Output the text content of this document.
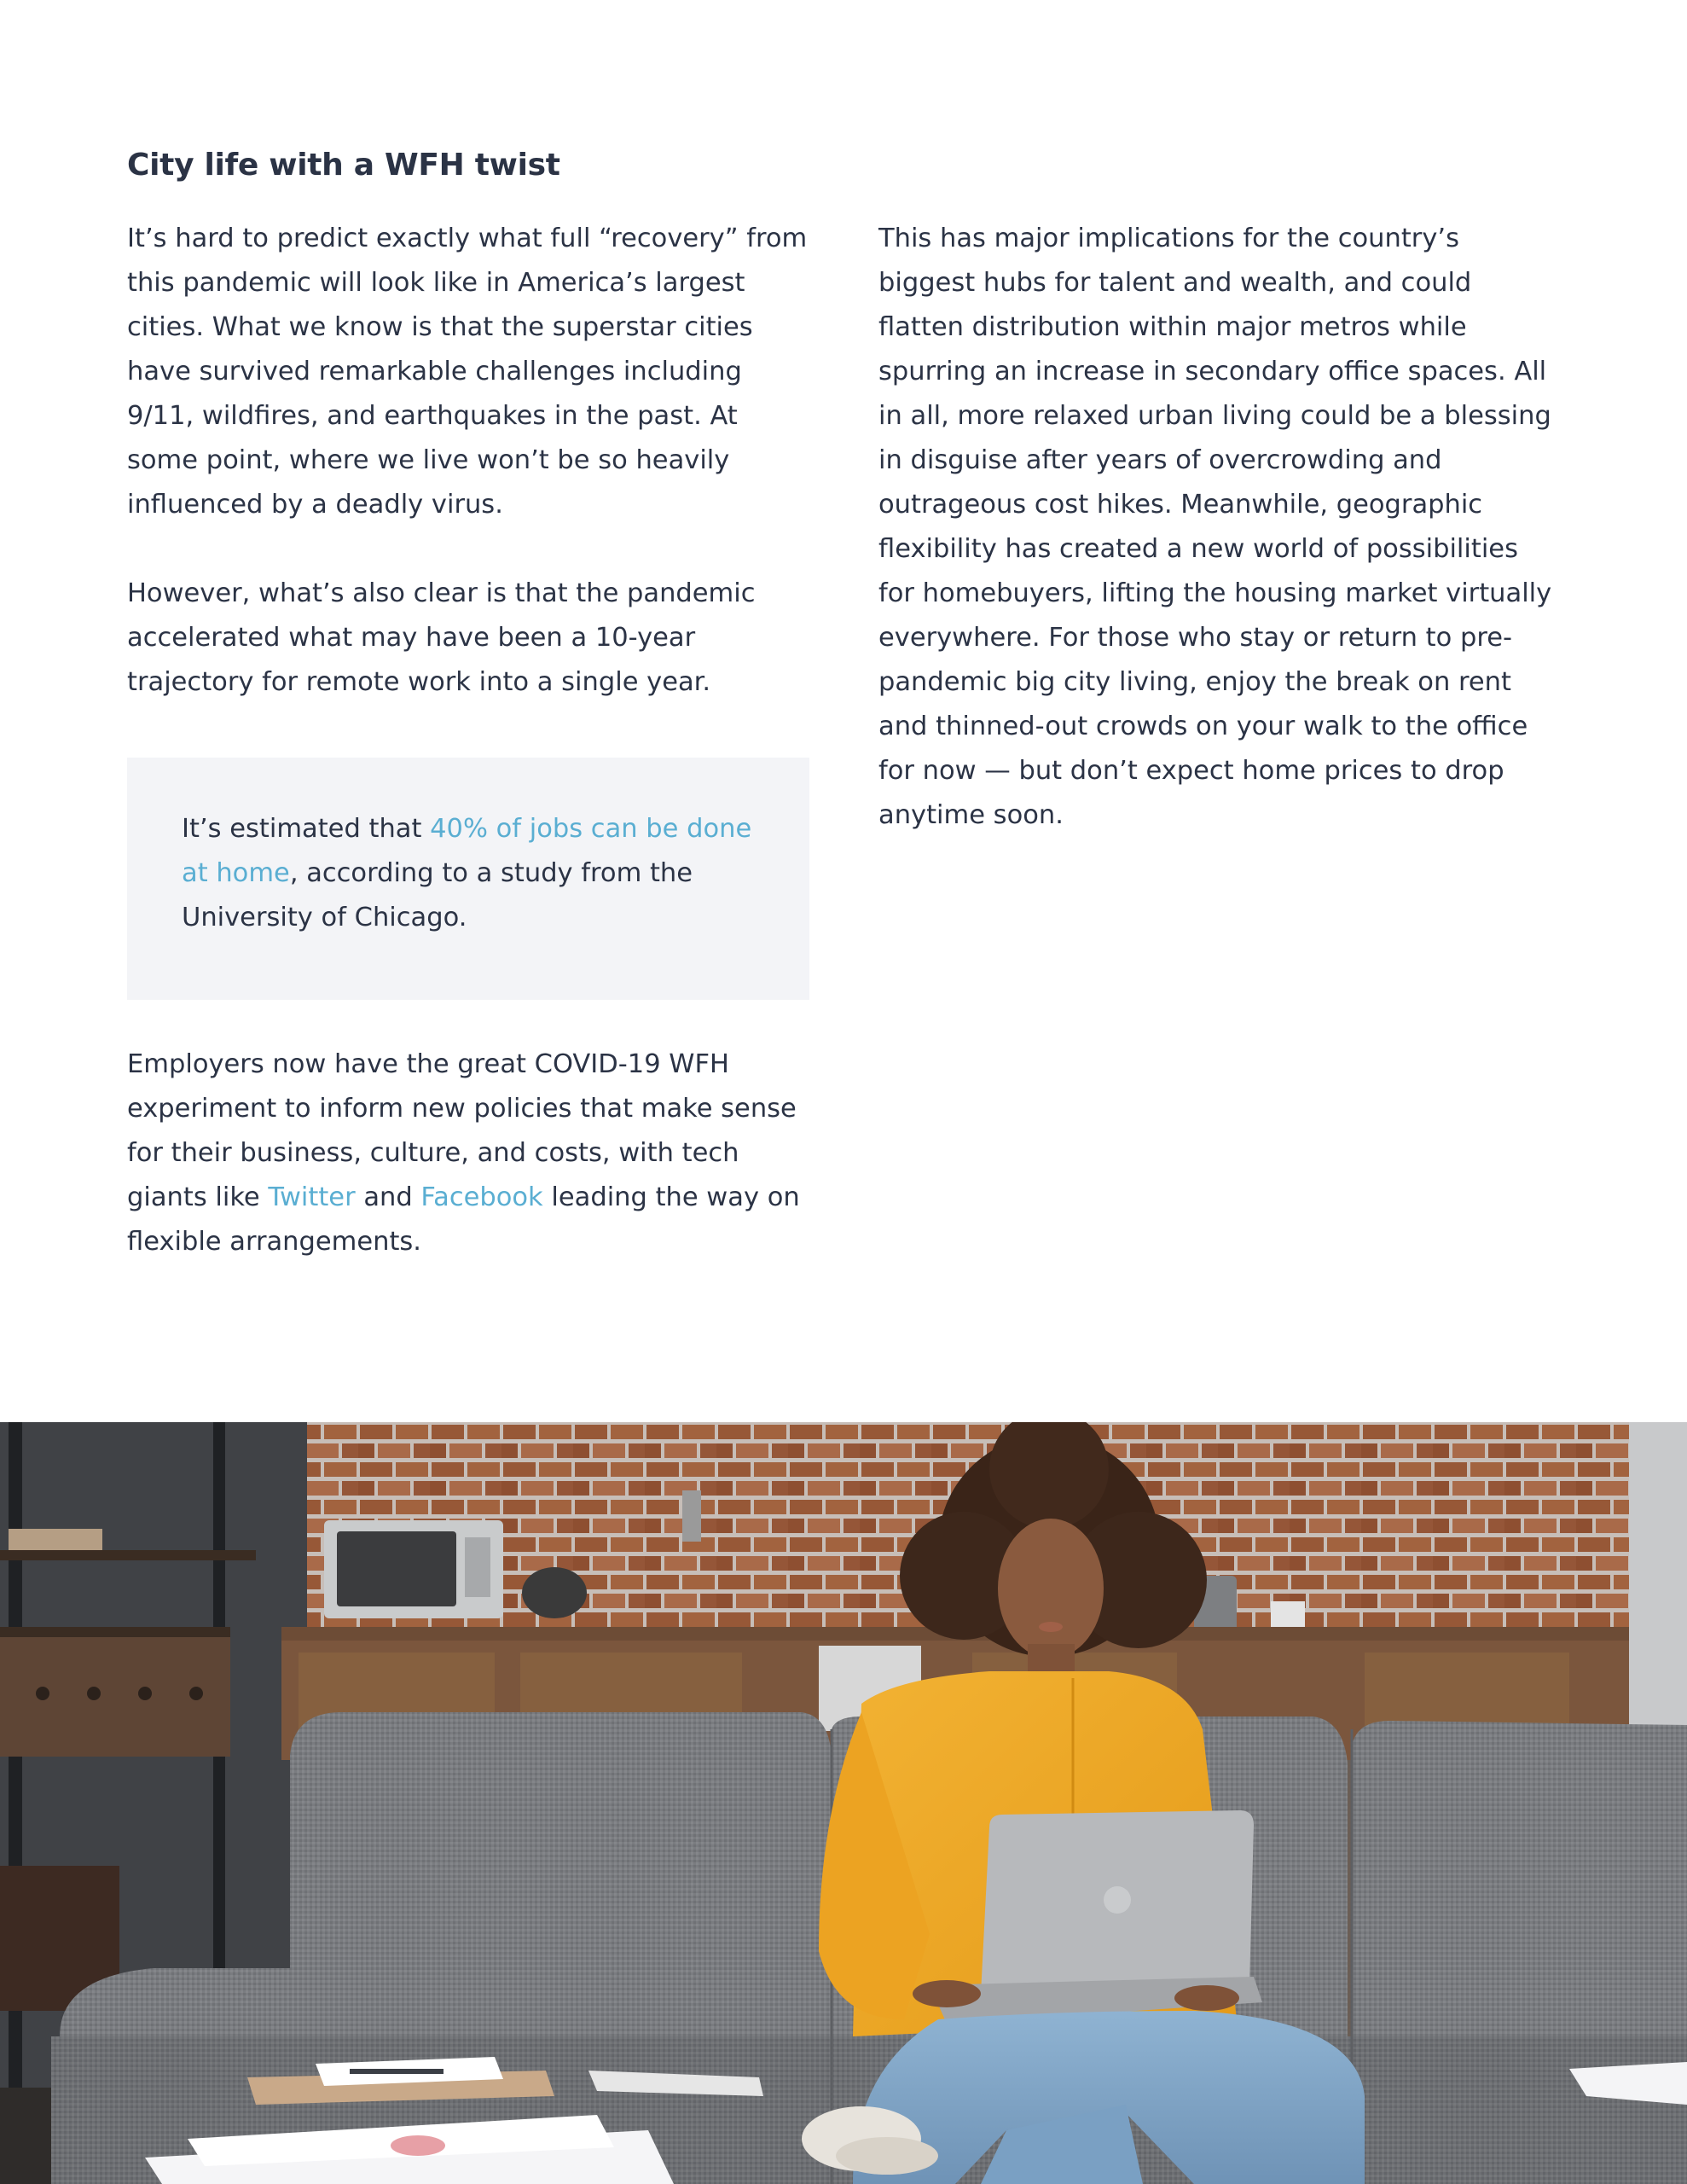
City life with a WFH twist

It’s hard to predict exactly what full “recovery” from this pandemic will look like in America’s largest cities. What we know is that the superstar cities have survived remarkable challenges including 9/11, wildfires, and earthquakes in the past. At some point, where we live won’t be so heavily influenced by a deadly virus.

However, what’s also clear is that the pandemic accelerated what may have been a 10-year trajectory for remote work into a single year.

It’s estimated that 40% of jobs can be done at home, according to a study from the University of Chicago.

Employers now have the great COVID-19 WFH experiment to inform new policies that make sense for their business, culture, and costs, with tech giants like Twitter and Facebook leading the way on flexible arrangements.

This has major implications for the country’s biggest hubs for talent and wealth, and could flatten distribution within major metros while spurring an increase in secondary office spaces. All in all, more relaxed urban living could be a blessing in disguise after years of overcrowding and outrageous cost hikes. Meanwhile, geographic flexibility has created a new world of possibilities for homebuyers, lifting the housing market virtually everywhere. For those who stay or return to pre-pandemic big city living, enjoy the break on rent and thinned-out crowds on your walk to the office for now — but don’t expect home prices to drop anytime soon.
